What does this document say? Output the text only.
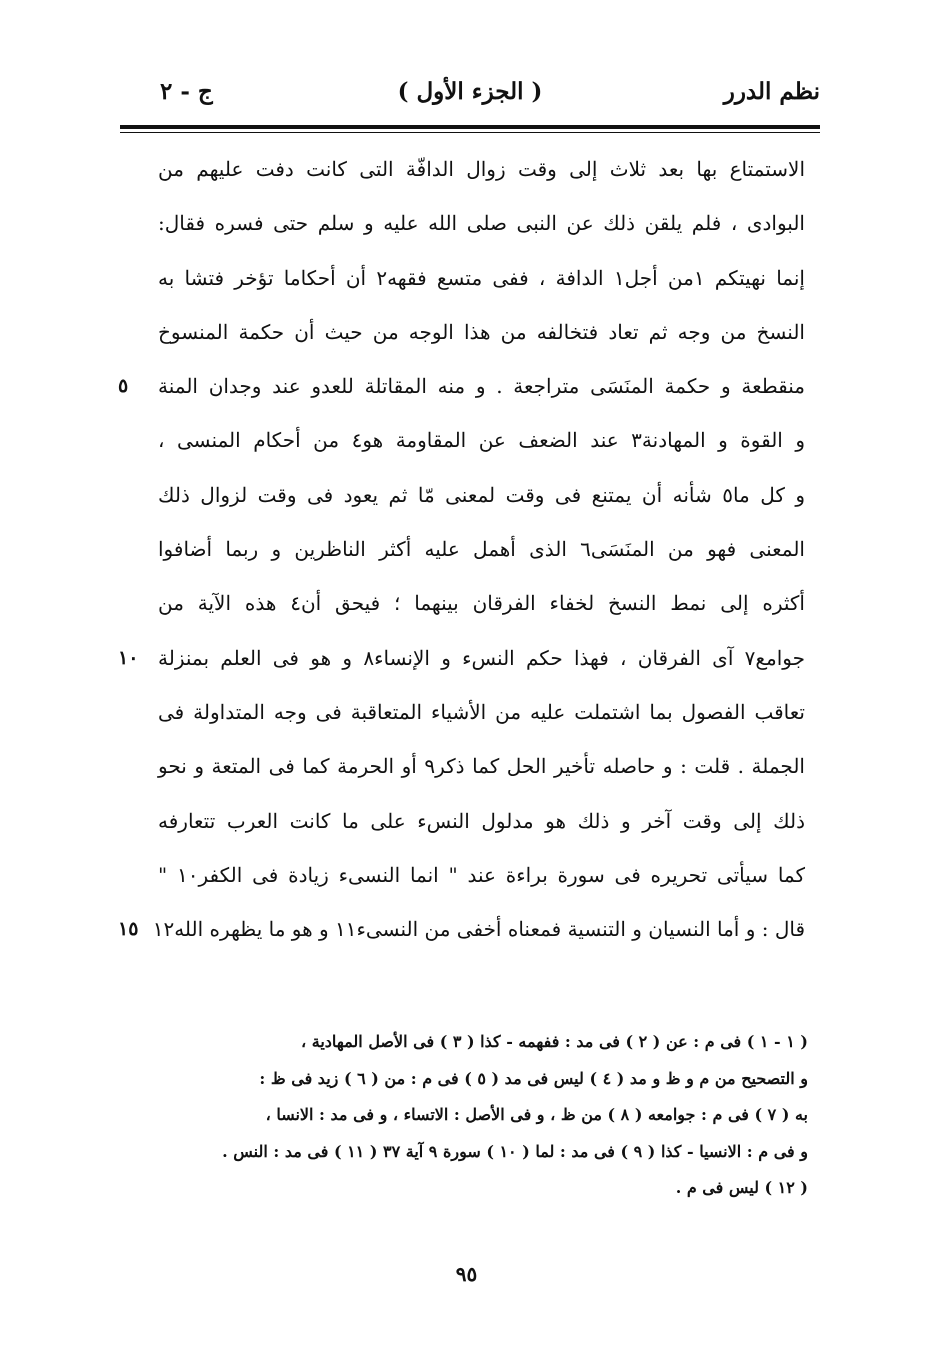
نظم الدرر
( الجزء الأول )
ج - ٢
الاستمتاع بها بعد ثلاث إلى وقت زوال الدافّة التى كانت دفت عليهم من
البوادى ، فلم يلقن ذلك عن النبى صلى الله عليه و سلم حتى فسره فقال:
إنما نهيتكم ١من أجل١ الدافة ، ففى متسع فقهه٢ أن أحكاما تؤخر فتشا به
النسخ من وجه ثم تعاد فتخالفه من هذا الوجه من حيث أن حكمة المنسوخ
منقطعة و حكمة المنَسَى متراجعة . و منه المقاتلة للعدو عند وجدان المنة
٥
و القوة و المهادنة٣ عند الضعف عن المقاومة هو٤ من أحكام المنسى ،
و كل ما٥ شأنه أن يمتنع فى وقت لمعنى مّا ثم يعود فى وقت لزوال ذلك
المعنى فهو من المنَسَى٦ الذى أهمل عليه أكثر الناظرين و ربما أضافوا
أكثره إلى نمط النسخ لخفاء الفرقان بينهما ؛ فيحق أن٤ هذه الآية من
جوامع٧ آى الفرقان ، فهذا حكم النسء و الإنساء٨ و هو فى العلم بمنزلة
١٠
تعاقب الفصول بما اشتملت عليه من الأشياء المتعاقبة فى وجه المتداولة فى
الجملة . قلت : و حاصله تأخير الحل كما ذكر٩ أو الحرمة كما فى المتعة و نحو
ذلك إلى وقت آخر و ذلك هو مدلول النسء على ما كانت العرب تتعارفه
كما سيأتى تحريره فى سورة براءة عند " انما النسىء زيادة فى الكفر١٠ "
قال : و أما النسيان و التنسية فمعناه أخفى من النسىء١١ و هو ما يظهره الله١٢
١٥
( ١ - ١ ) فى م : عن ( ٢ ) فى مد : ففهمه - كذا ( ٣ ) فى الأصل المهادية ،
و التصحيح من م و ظ و مد ( ٤ ) ليس فى مد ( ٥ ) فى م : من ( ٦ ) زيد فى ظ :
به ( ٧ ) فى م : جوامعه ( ٨ ) من ظ ، و فى الأصل : الاتساء ، و فى مد : الانسا ،
و فى م : الانسيا - كذا ( ٩ ) فى مد : لما ( ١٠ ) سورة ٩ آية ٣٧ ( ١١ ) فى مد : النس .
( ١٢ ) ليس فى م .
٩٥
